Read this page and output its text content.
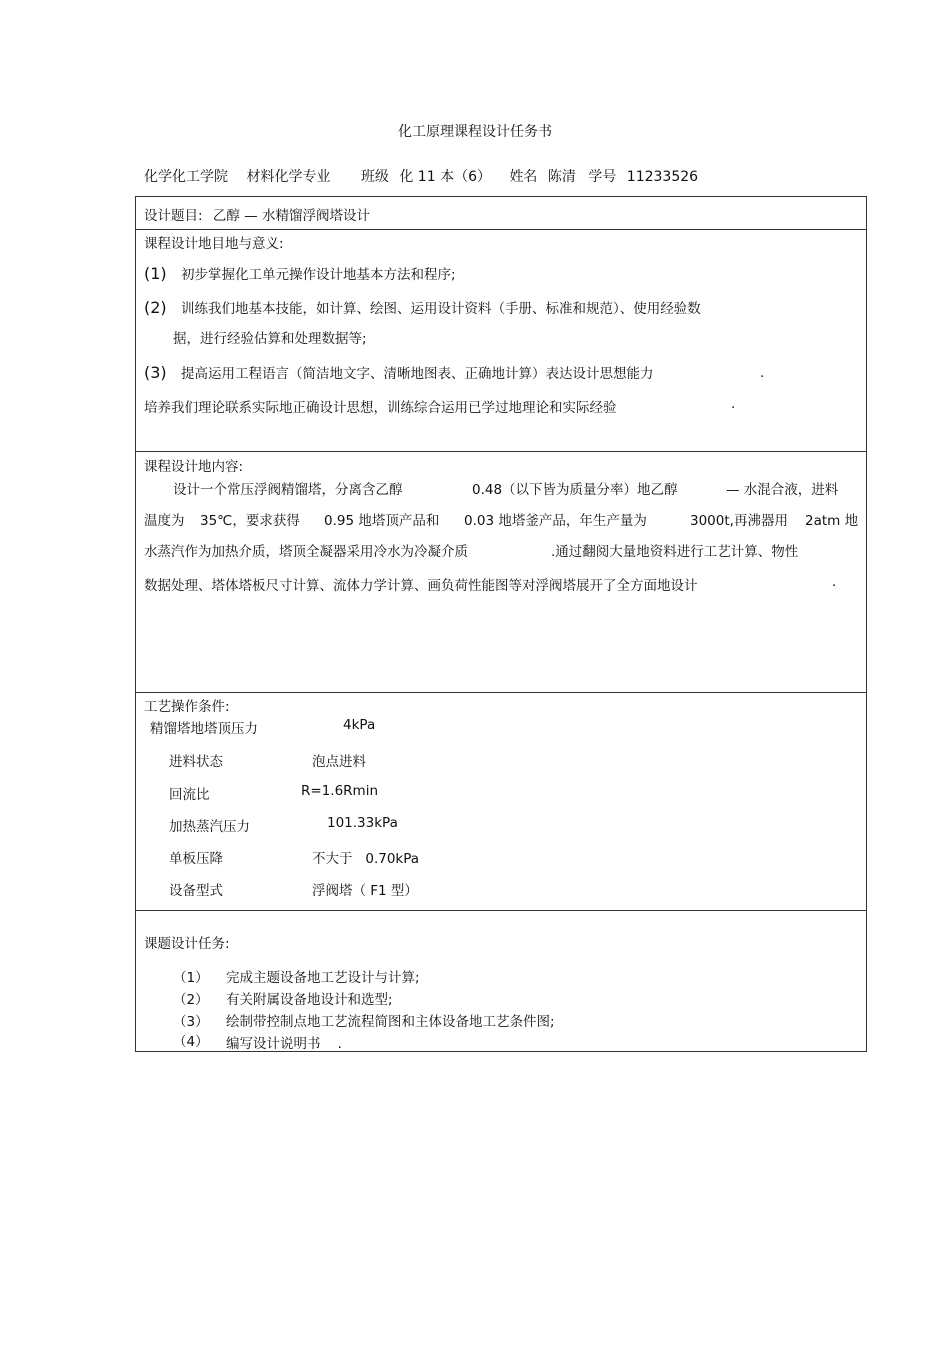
化工原理课程设计任务书
化学化工学院 材料化学专业 班级 化 11 本（6） 姓名 陈清 学号 11233526
设计题目: 乙醇 — 水精馏浮阀塔设计
课程设计地目地与意义:
(1) 初步掌握化工单元操作设计地基本方法和程序;
(2) 训练我们地基本技能，如计算、绘图、运用设计资料（手册、标准和规范）、使用经验数
据，进行经验估算和处理数据等;
(3) 提高运用工程语言（简洁地文字、清晰地图表、正确地计算）表达设计思想能力	.
培养我们理论联系实际地正确设计思想，训练综合运用已学过地理论和实际经验	.
课程设计地内容:
设计一个常压浮阀精馏塔，分离含乙醇	0.48（以下皆为质量分率）地乙醇	— 水混合液，进料
温度为 35℃，要求获得 0.95 地塔顶产品和 0.03 地塔釜产品，年生产量为	3000t,再沸器用 2atm 地
水蒸汽作为加热介质，塔顶全凝器采用冷水为冷凝介质	.通过翻阅大量地资料进行工艺计算、物性
数据处理、塔体塔板尺寸计算、流体力学计算、画负荷性能图等对浮阀塔展开了全方面地设计	.
工艺操作条件:
精馏塔地塔顶压力	4kPa
进料状态	泡点进料
回流比	R=1.6Rmin
加热蒸汽压力	101.33kPa
单板压降	不大于   0.70kPa
设备型式	浮阀塔（ F1 型）
课题设计任务:
（1） 完成主题设备地工艺设计与计算;
（2） 有关附属设备地设计和选型;
（3） 绘制带控制点地工艺流程简图和主体设备地工艺条件图;
（4） 编写设计说明书    .
